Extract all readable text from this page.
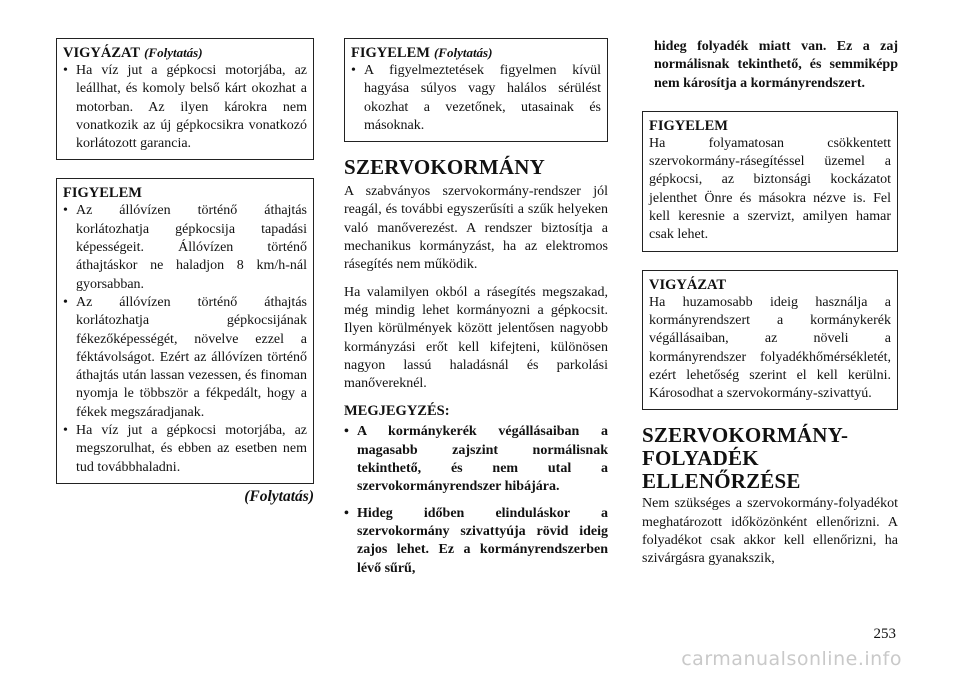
VIGYÁZAT (Folytatás)
• Ha víz jut a gépkocsi motorjába, az leállhat, és komoly belső kárt okozhat a motorban. Az ilyen károkra nem vonatkozik az új gépkocsikra vonatkozó korlátozott garancia.
FIGYELEM
• Az állóvízen történő áthajtás korlátozhatja gépkocsija tapadási képességeit. Állóvízen történő áthajtáskor ne haladjon 8 km/h-nál gyorsabban.
• Az állóvízen történő áthajtás korlátozhatja gépkocsijának fékezőképességét, növelve ezzel a féktávolságot. Ezért az állóvízen történő áthajtás után lassan vezessen, és finoman nyomja le többször a fékpedált, hogy a fékek megszáradjanak.
• Ha víz jut a gépkocsi motorjába, az megszorulhat, és ebben az esetben nem tud továbbhaladni.
(Folytatás)
FIGYELEM (Folytatás)
• A figyelmeztetések figyelmen kívül hagyása súlyos vagy halálos sérülést okozhat a vezetőnek, utasainak és másoknak.
SZERVOKORMÁNY

A szabványos szervokormány-rendszer jól reagál, és további egyszerűsíti a szűk helyeken való manőverezést. A rendszer biztosítja a mechanikus kormányzást, ha az elektromos rásegítés nem működik.

Ha valamilyen okból a rásegítés megszakad, még mindig lehet kormányozni a gépkocsit. Ilyen körülmények között jelentősen nagyobb kormányzási erőt kell kifejteni, különösen nagyon lassú haladásnál és parkolási manővereknél.

MEGJEGYZÉS:
• A kormánykerék végállásaiban a magasabb zajszint normálisnak tekinthető, és nem utal a szervokormányrendszer hibájára.
• Hideg időben elinduláskor a szervokormány szivattyúja rövid ideig zajos lehet. Ez a kormányrendszerben lévő sűrű,

hideg folyadék miatt van. Ez a zaj normálisnak tekinthető, és semmiképp nem károsítja a kormányrendszert.

FIGYELEM

Ha folyamatosan csökkentett szervokormány-rásegítéssel üzemel a gépkocsi, az biztonsági kockázatot jelenthet Önre és másokra nézve is. Fel kell keresnie a szervizt, amilyen hamar csak lehet.

VIGYÁZAT

Ha huzamosabb ideig használja a kormányrendszert a kormánykerék végállásaiban, az növeli a kormányrendszer folyadékhőmérsékletét, ezért lehetőség szerint el kell kerülni. Károsodhat a szervokormány-szivattyú.

SZERVOKORMÁNY-FOLYADÉK ELLENŐRZÉSE

Nem szükséges a szervokormány-folyadékot meghatározott időközönként ellenőrizni. A folyadékot csak akkor kell ellenőrizni, ha szivárgásra gyanakszik,

253
carmanualsonline.info
